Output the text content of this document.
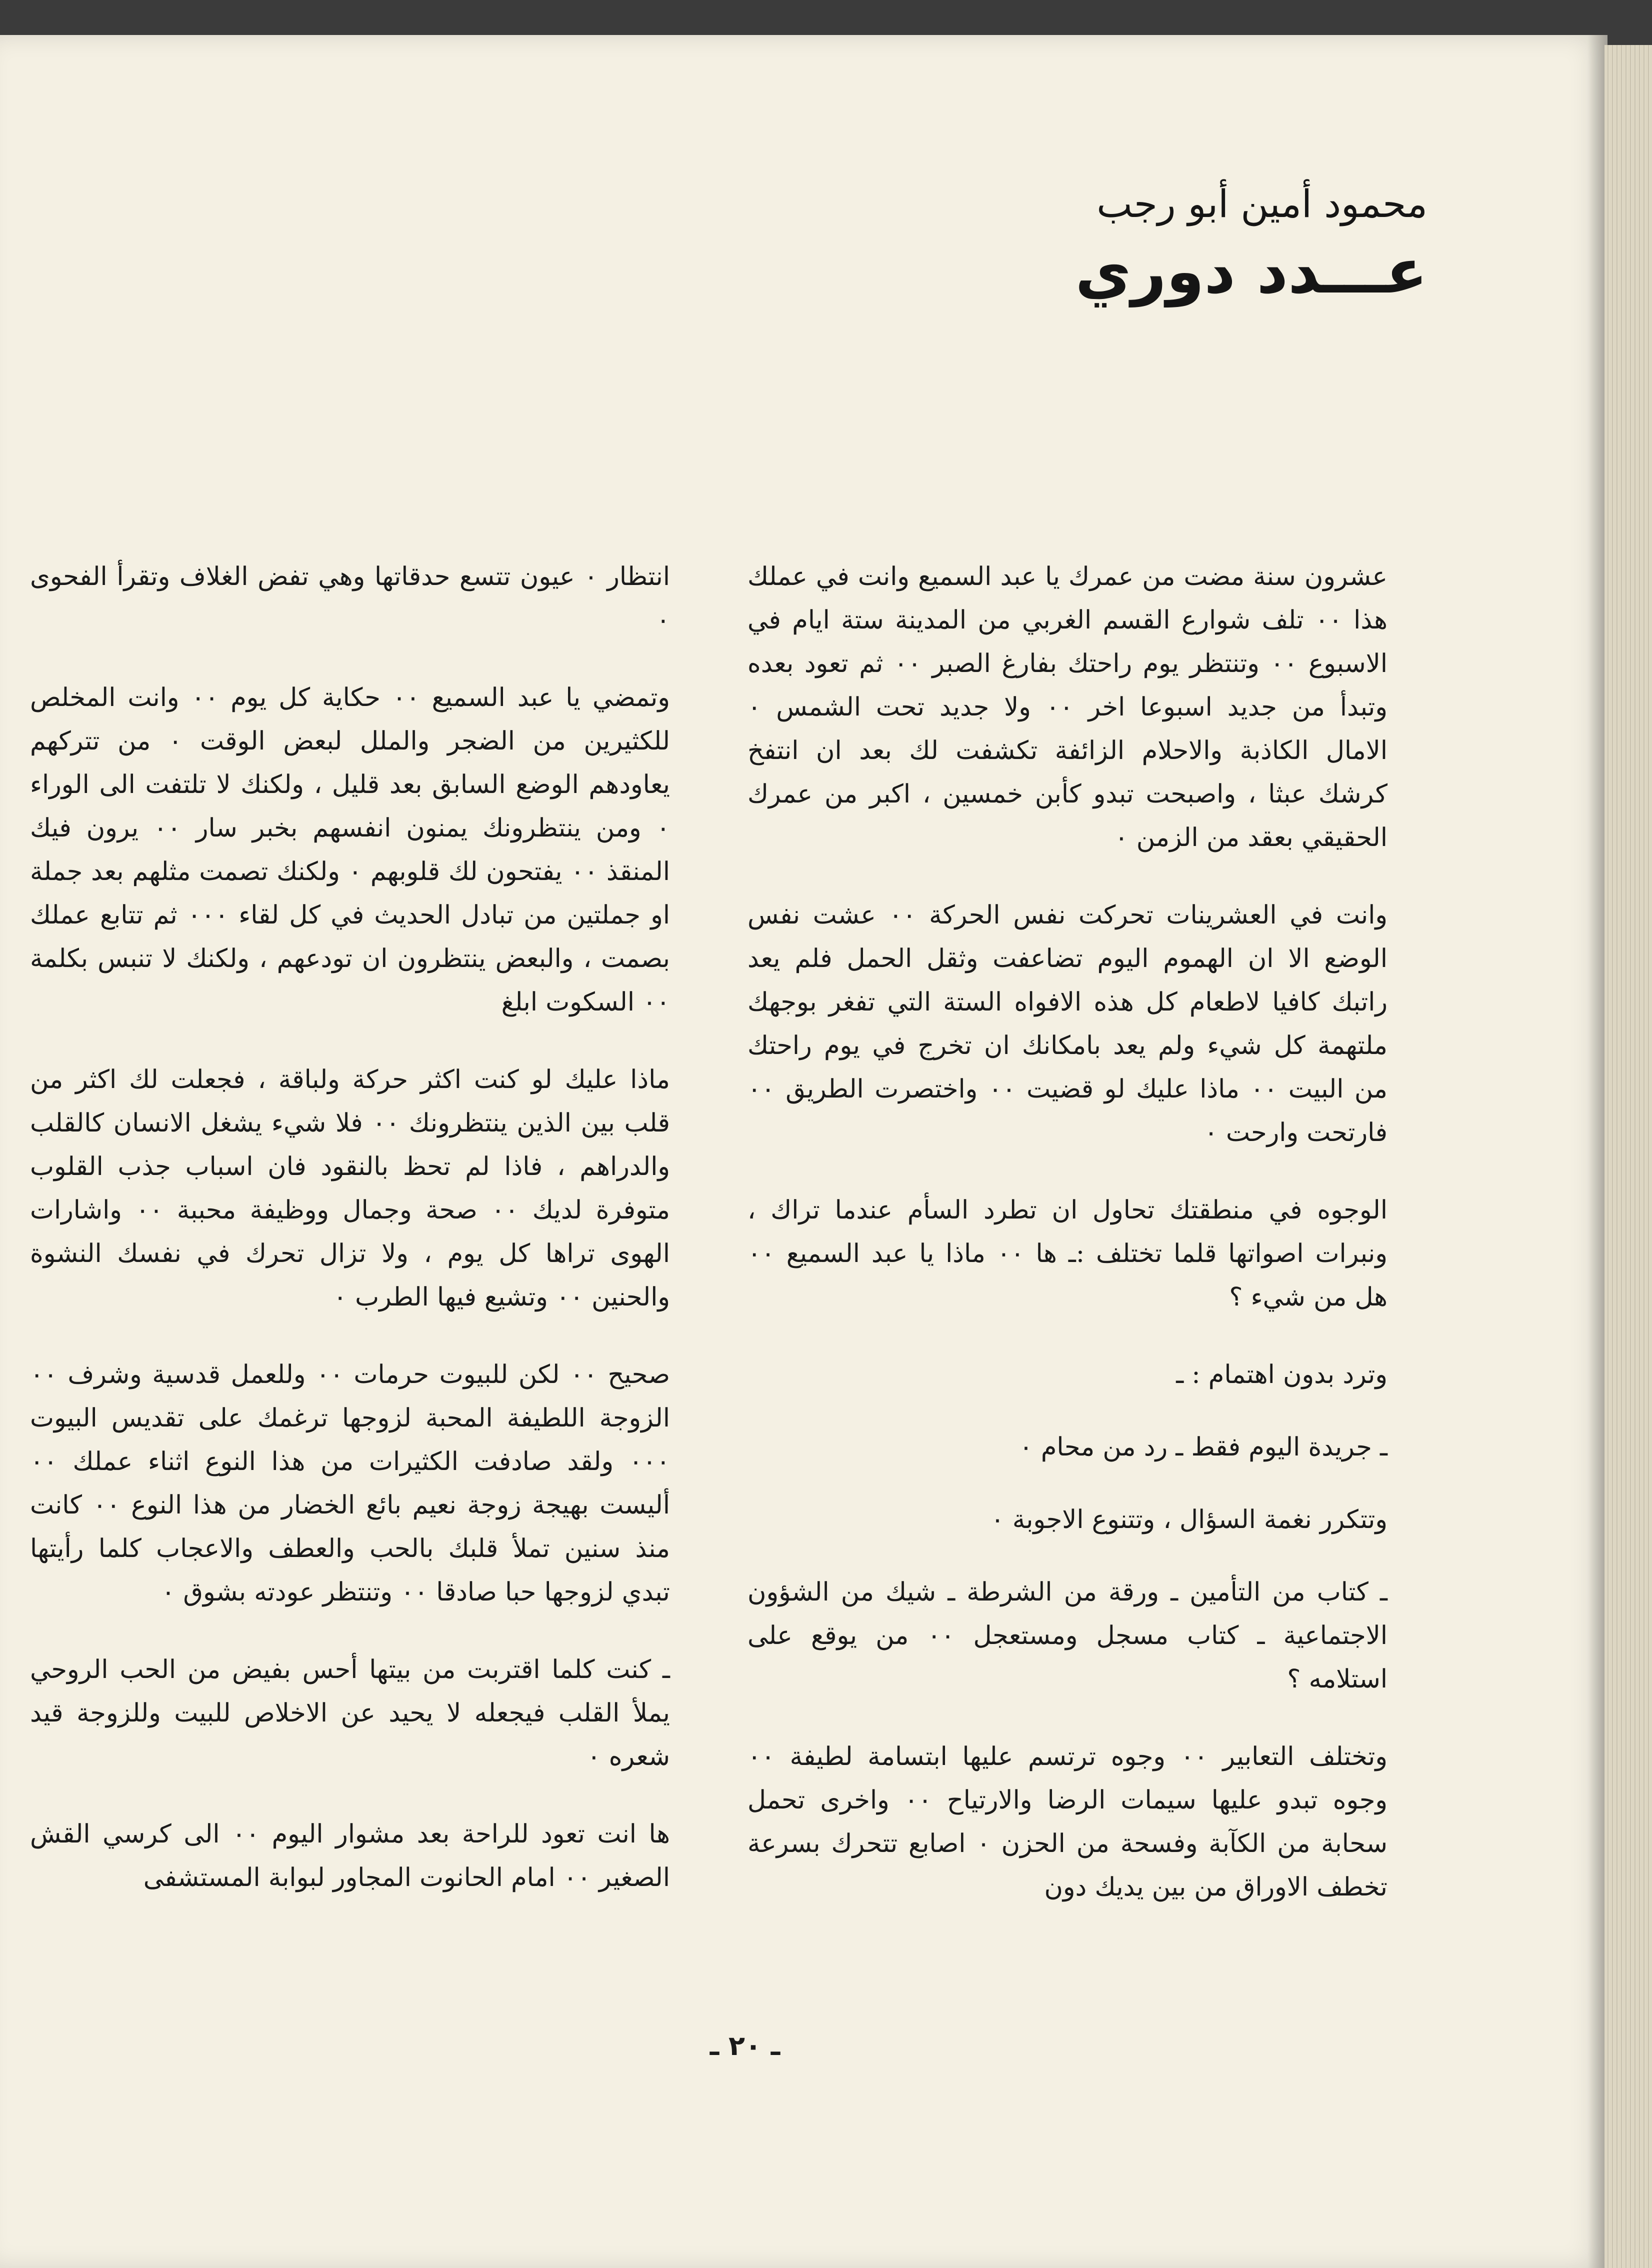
محمود أمين أبو رجب
عـــدد دوري

عشرون سنة مضت من عمرك يا عبد السميع وانت في عملك هذا ٠٠ تلف شوارع القسم الغربي من المدينة ستة ايام في الاسبوع ٠٠ وتنتظر يوم راحتك بفارغ الصبر ٠٠ ثم تعود بعده وتبدأ من جديد اسبوعا اخر ٠٠ ولا جديد تحت الشمس ٠ الامال الكاذبة والاحلام الزائفة تكشفت لك بعد ان انتفخ كرشك عبثا ، واصبحت تبدو كأبن خمسين ، اكبر من عمرك الحقيقي بعقد من الزمن ٠

وانت في العشرينات تحركت نفس الحركة ٠٠ عشت نفس الوضع الا ان الهموم اليوم تضاعفت وثقل الحمل فلم يعد راتبك كافيا لاطعام كل هذه الافواه الستة التي تفغر بوجهك ملتهمة كل شيء ولم يعد بامكانك ان تخرج في يوم راحتك من البيت ٠٠ ماذا عليك لو قضيت ٠٠ واختصرت الطريق ٠٠ فارتحت وارحت ٠

الوجوه في منطقتك تحاول ان تطرد السأم عندما تراك ، ونبرات اصواتها قلما تختلف :ـ ها ٠٠ ماذا يا عبد السميع ٠٠ هل من شيء ؟

وترد بدون اهتمام : ـ

ـ جريدة اليوم فقط ـ رد من محام ٠

وتتكرر نغمة السؤال ، وتتنوع الاجوبة ٠

ـ كتاب من التأمين ـ ورقة من الشرطة ـ شيك من الشؤون الاجتماعية ـ كتاب مسجل ومستعجل ٠٠ من يوقع على استلامه ؟

وتختلف التعابير ٠٠ وجوه ترتسم عليها ابتسامة لطيفة ٠٠ وجوه تبدو عليها سيمات الرضا والارتياح ٠٠ واخرى تحمل سحابة من الكآبة وفسحة من الحزن ٠ اصابع تتحرك بسرعة تخطف الاوراق من بين يديك دون

انتظار ٠ عيون تتسع حدقاتها وهي تفض الغلاف وتقرأ الفحوى ٠

وتمضي يا عبد السميع ٠٠ حكاية كل يوم ٠٠ وانت المخلص للكثيرين من الضجر والملل لبعض الوقت ٠ من تتركهم يعاودهم الوضع السابق بعد قليل ، ولكنك لا تلتفت الى الوراء ٠ ومن ينتظرونك يمنون انفسهم بخبر سار ٠٠ يرون فيك المنقذ ٠٠ يفتحون لك قلوبهم ٠ ولكنك تصمت مثلهم بعد جملة او جملتين من تبادل الحديث في كل لقاء ٠٠٠ ثم تتابع عملك بصمت ، والبعض ينتظرون ان تودعهم ، ولكنك لا تنبس بكلمة ٠٠ السكوت ابلغ

ماذا عليك لو كنت اكثر حركة ولباقة ، فجعلت لك اكثر من قلب بين الذين ينتظرونك ٠٠ فلا شيء يشغل الانسان كالقلب والدراهم ، فاذا لم تحظ بالنقود فان اسباب جذب القلوب متوفرة لديك ٠٠ صحة وجمال ووظيفة محببة ٠٠ واشارات الهوى تراها كل يوم ، ولا تزال تحرك في نفسك النشوة والحنين ٠٠ وتشيع فيها الطرب ٠

صحيح ٠٠ لكن للبيوت حرمات ٠٠ وللعمل قدسية وشرف ٠٠ الزوجة اللطيفة المحبة لزوجها ترغمك على تقديس البيوت ٠٠٠ ولقد صادفت الكثيرات من هذا النوع اثناء عملك ٠٠ أليست بهيجة زوجة نعيم بائع الخضار من هذا النوع ٠٠ كانت منذ سنين تملأ قلبك بالحب والعطف والاعجاب كلما رأيتها تبدي لزوجها حبا صادقا ٠٠ وتنتظر عودته بشوق ٠

ـ كنت كلما اقتربت من بيتها أحس بفيض من الحب الروحي يملأ القلب فيجعله لا يحيد عن الاخلاص للبيت وللزوجة قيد شعره ٠

ها انت تعود للراحة بعد مشوار اليوم ٠٠ الى كرسي القش الصغير ٠٠ امام الحانوت المجاور لبوابة المستشفى

ـ ٢٠ ـ
